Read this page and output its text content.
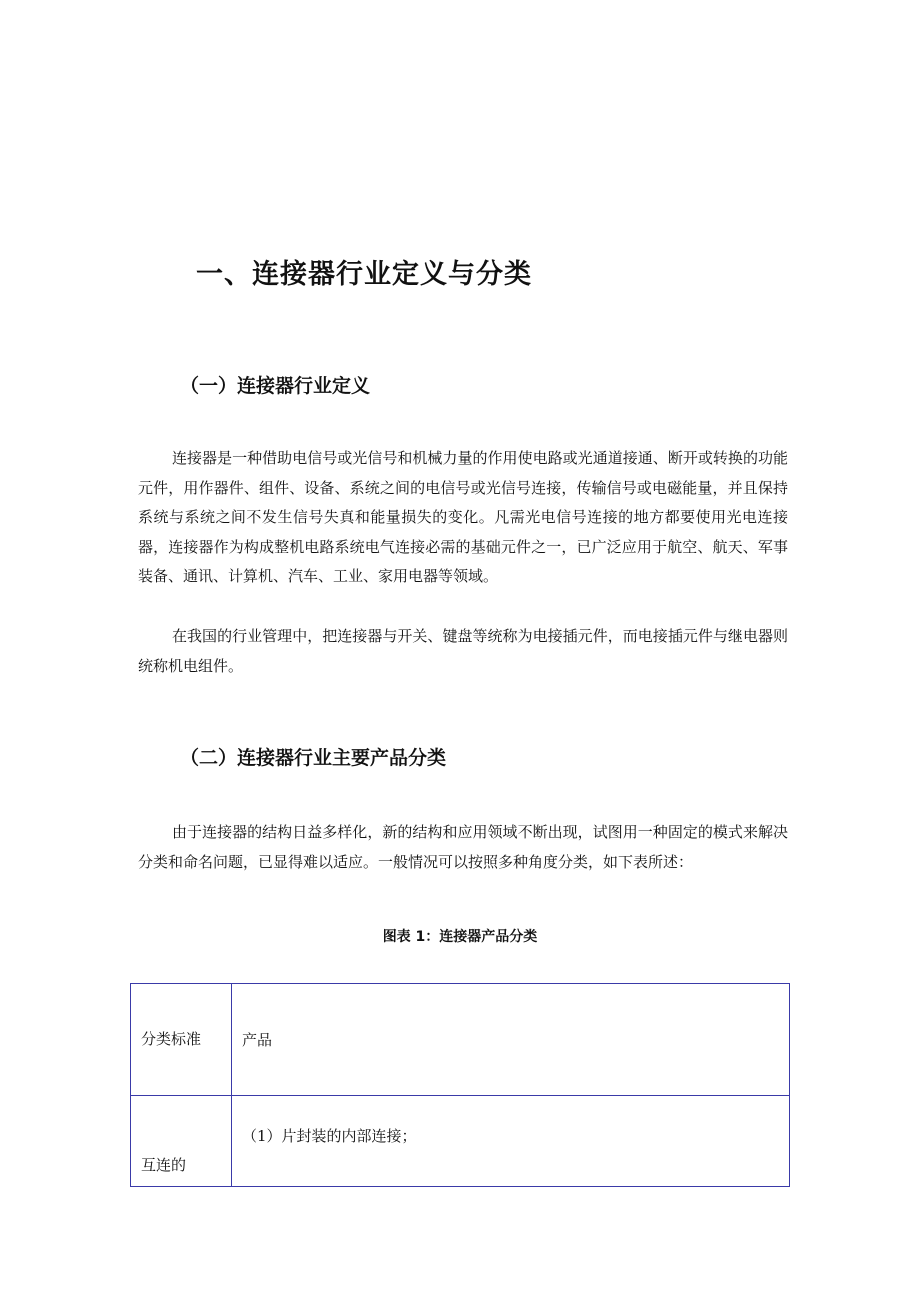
一、连接器行业定义与分类
（一）连接器行业定义

连接器是一种借助电信号或光信号和机械力量的作用使电路或光通道接通、断开或转换的功能元件，用作器件、组件、设备、系统之间的电信号或光信号连接，传输信号或电磁能量，并且保持系统与系统之间不发生信号失真和能量损失的变化。凡需光电信号连接的地方都要使用光电连接器，连接器作为构成整机电路系统电气连接必需的基础元件之一，已广泛应用于航空、航天、军事装备、通讯、计算机、汽车、工业、家用电器等领域。

在我国的行业管理中，把连接器与开关、键盘等统称为电接插元件，而电接插元件与继电器则统称机电组件。

（二）连接器行业主要产品分类

由于连接器的结构日益多样化，新的结构和应用领域不断出现，试图用一种固定的模式来解决分类和命名问题，已显得难以适应。一般情况可以按照多种角度分类，如下表所述：

图表 1：连接器产品分类

分类标准	产品
互连的	（1）片封装的内部连接；
